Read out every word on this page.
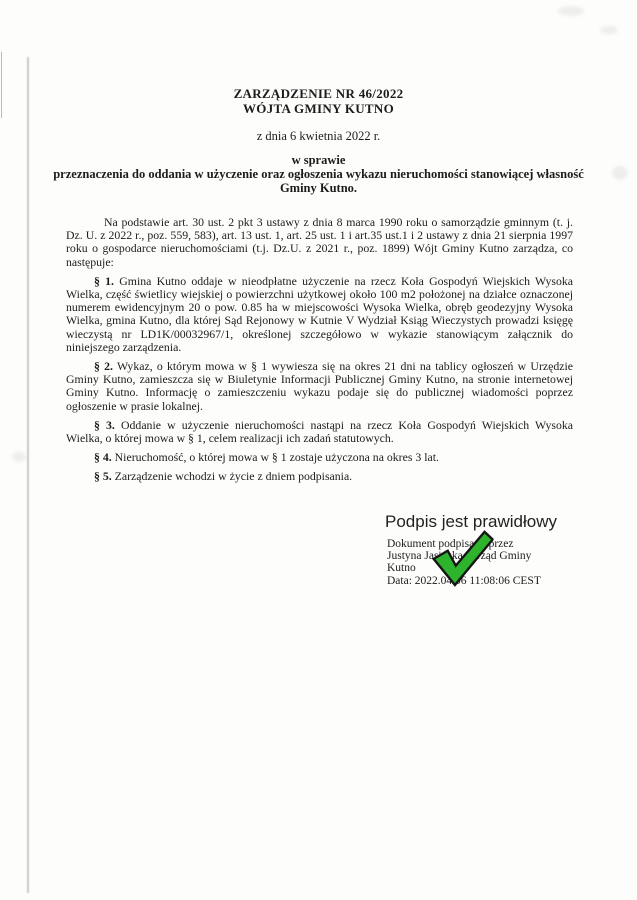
ZARZĄDZENIE NR 46/2022
WÓJTA GMINY KUTNO
z dnia 6 kwietnia 2022 r.
w sprawie
przeznaczenia do oddania w użyczenie oraz ogłoszenia wykazu nieruchomości stanowiącej własność
Gminy Kutno.

Na podstawie art. 30 ust. 2 pkt 3 ustawy z dnia 8 marca 1990 roku o samorządzie gminnym (t. j. Dz. U. z 2022 r., poz. 559, 583), art. 13 ust. 1, art. 25 ust. 1 i art.35 ust.1 i 2 ustawy z dnia 21 sierpnia 1997 roku o gospodarce nieruchomościami (t.j. Dz.U. z 2021 r., poz. 1899) Wójt Gminy Kutno zarządza, co następuje:

§ 1. Gmina Kutno oddaje w nieodpłatne użyczenie na rzecz Koła Gospodyń Wiejskich Wysoka Wielka, część świetlicy wiejskiej o powierzchni użytkowej około 100 m2 położonej na działce oznaczonej numerem ewidencyjnym 20 o pow. 0.85 ha w miejscowości Wysoka Wielka, obręb geodezyjny Wysoka Wielka, gmina Kutno, dla której Sąd Rejonowy w Kutnie V Wydział Ksiąg Wieczystych prowadzi księgę wieczystą nr LD1K/00032967/1, określonej szczegółowo w wykazie stanowiącym załącznik do niniejszego zarządzenia.

§ 2. Wykaz, o którym mowa w § 1 wywiesza się na okres 21 dni na tablicy ogłoszeń w Urzędzie Gminy Kutno, zamieszcza się w Biuletynie Informacji Publicznej Gminy Kutno, na stronie internetowej Gminy Kutno. Informację o zamieszczeniu wykazu podaje się do publicznej wiadomości poprzez ogłoszenie w prasie lokalnej.

§ 3. Oddanie w użyczenie nieruchomości nastąpi na rzecz Koła Gospodyń Wiejskich Wysoka Wielka, o której mowa w § 1, celem realizacji ich zadań statutowych.

§ 4. Nieruchomość, o której mowa w § 1 zostaje użyczona na okres 3 lat.

§ 5. Zarządzenie wchodzi w życie z dniem podpisania.

Podpis jest prawidłowy
Dokument podpisany przez
Justyna Jasińska, Urząd Gminy
Kutno
Data: 2022.04.06 11:08:06 CEST
